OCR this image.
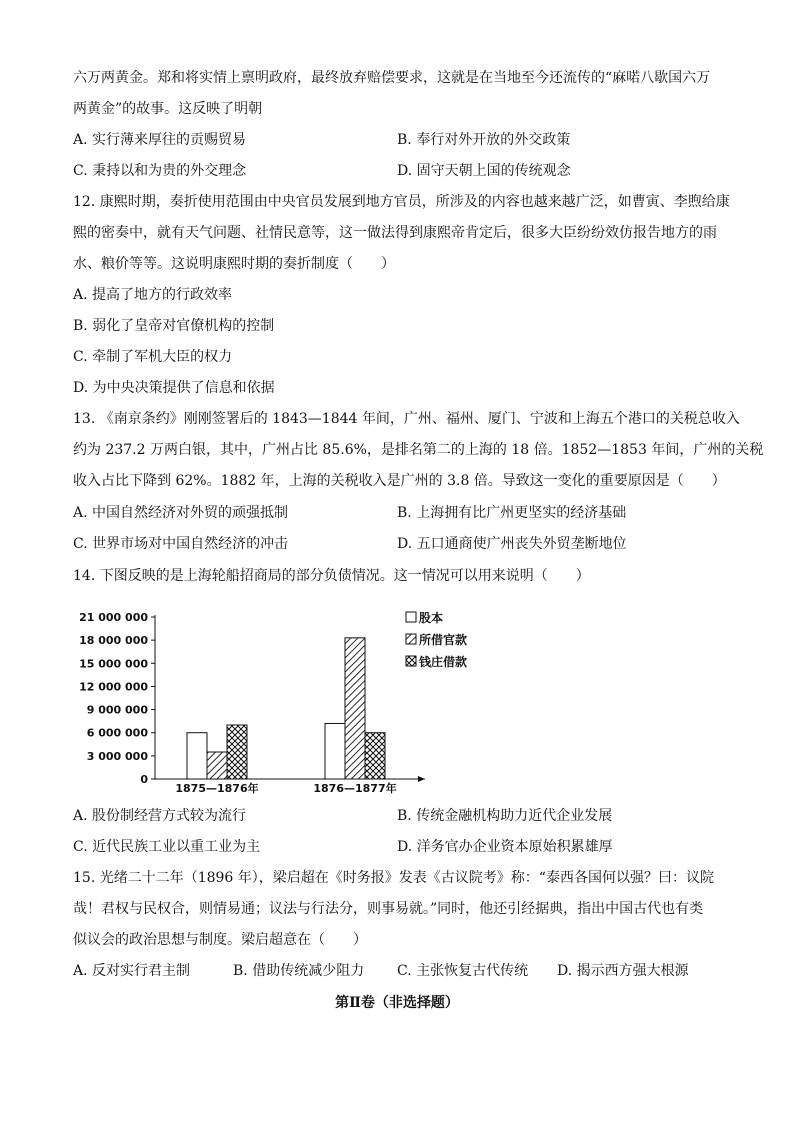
六万两黄金。郑和将实情上禀明政府，最终放弃赔偿要求，这就是在当地至今还流传的“麻喏八歇国六万
两黄金”的故事。这反映了明朝
A. 实行薄来厚往的贡赐贸易	B. 奉行对外开放的外交政策
C. 秉持以和为贵的外交理念	D. 固守天朝上国的传统观念
12. 康熙时期，奏折使用范围由中央官员发展到地方官员，所涉及的内容也越来越广泛，如曹寅、李煦给康
熙的密奏中，就有天气问题、社情民意等，这一做法得到康熙帝肯定后，很多大臣纷纷效仿报告地方的雨
水、粮价等等。这说明康熙时期的奏折制度（　　）
A. 提高了地方的行政效率
B. 弱化了皇帝对官僚机构的控制
C. 牵制了军机大臣的权力
D. 为中央决策提供了信息和依据
13. 《南京条约》刚刚签署后的 1843—1844 年间，广州、福州、厦门、宁波和上海五个港口的关税总收入
约为 237.2 万两白银，其中，广州占比 85.6%，是排名第二的上海的 18 倍。1852—1853 年间，广州的关税
收入占比下降到 62%。1882 年，上海的关税收入是广州的 3.8 倍。导致这一变化的重要原因是（　　）
A. 中国自然经济对外贸的顽强抵制	B. 上海拥有比广州更坚实的经济基础
C. 世界市场对中国自然经济的冲击	D. 五口通商使广州丧失外贸垄断地位
14. 下图反映的是上海轮船招商局的部分负债情况。这一情况可以用来说明（　　）
0
3 000 000
6 000 000
9 000 000
12 000 000
15 000 000
18 000 000
21 000 000
1875—1876年	1876—1877年
股本
所借官款
钱庄借款
A. 股份制经营方式较为流行	B. 传统金融机构助力近代企业发展
C. 近代民族工业以重工业为主	D. 洋务官办企业资本原始积累雄厚
15. 光绪二十二年（1896 年），梁启超在《时务报》发表《古议院考》称：“泰西各国何以强？曰：议院
哉！君权与民权合，则情易通；议法与行法分，则事易就。”同时，他还引经据典，指出中国古代也有类
似议会的政治思想与制度。梁启超意在（　　）
A. 反对实行君主制	B. 借助传统减少阻力 C. 主张恢复古代传统 D. 揭示西方强大根源
第Ⅱ卷（非选择题）
